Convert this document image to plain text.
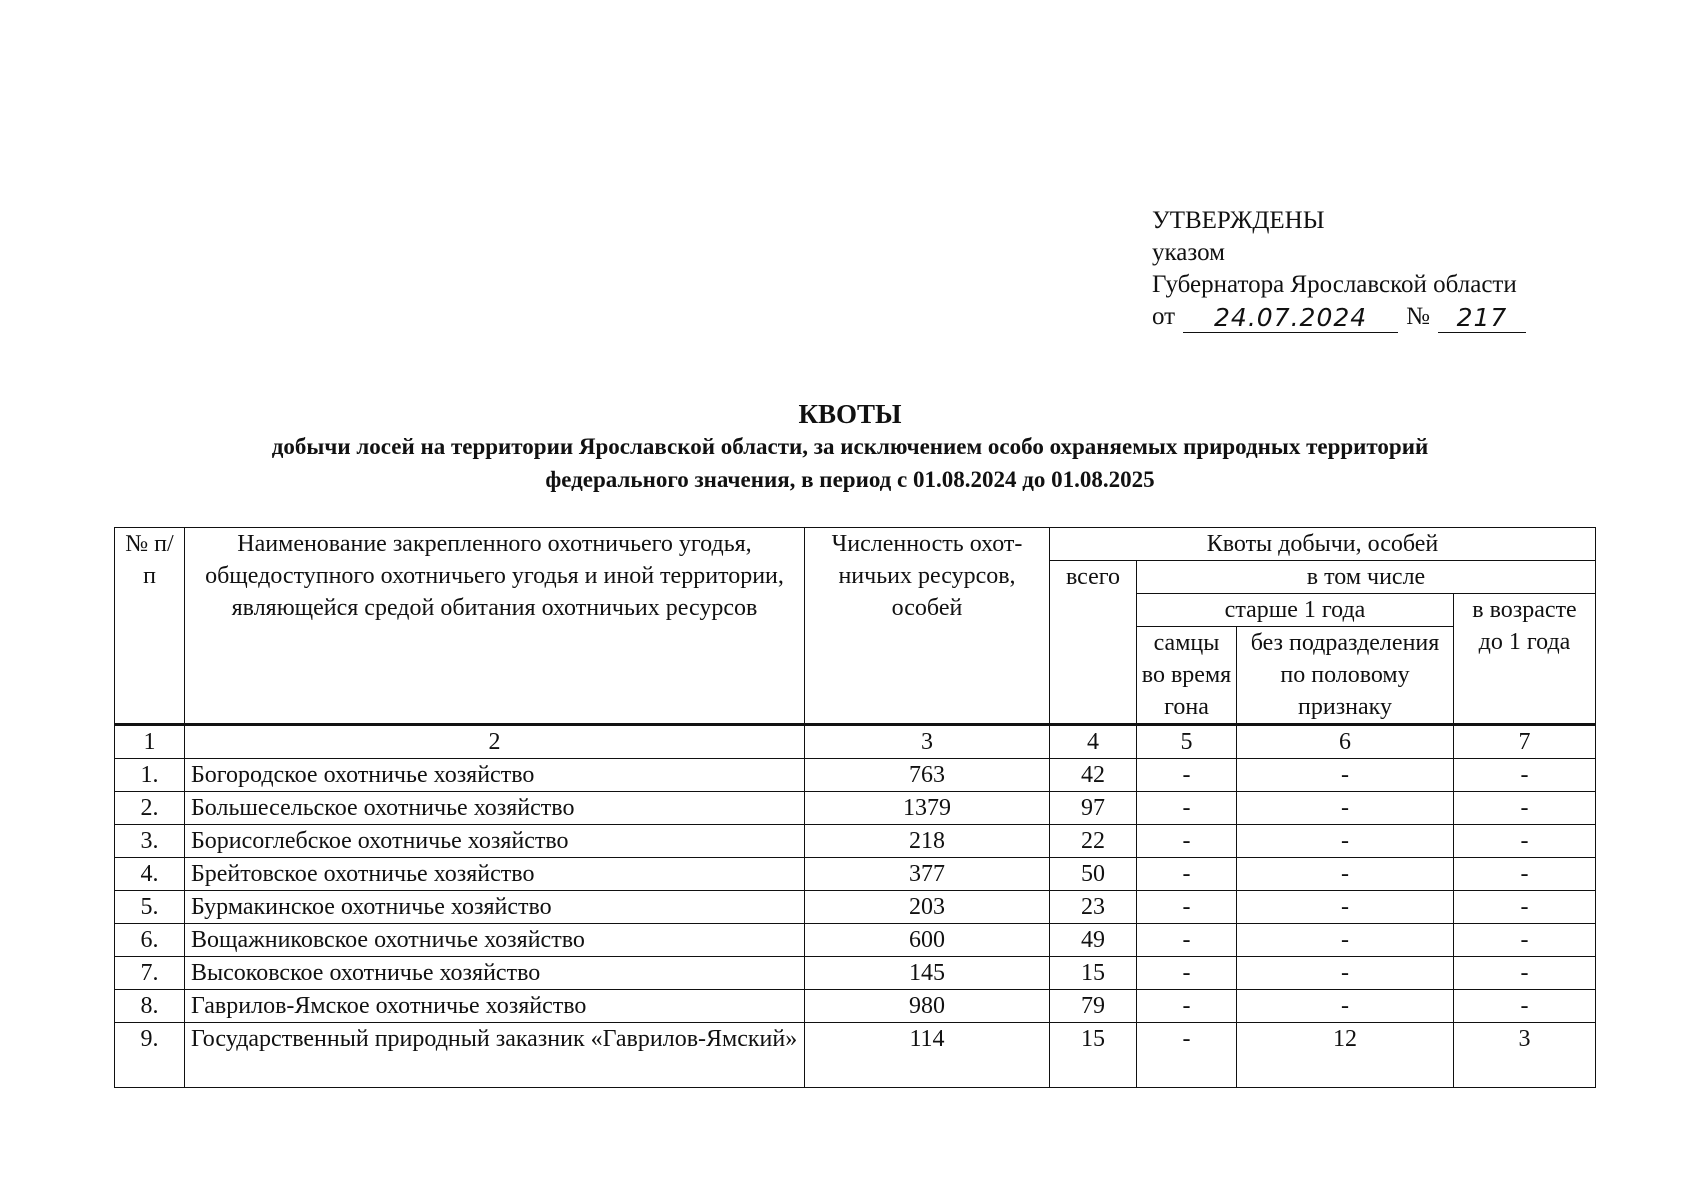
УТВЕРЖДЕНЫ
указом
Губернатора Ярославской области
от	24.07.2024	№	217
КВОТЫ
добычи лосей на территории Ярославской области, за исключением особо охраняемых природных территорий
федерального значения, в период с 01.08.2024 до 01.08.2025
№ п/п	Наименование закрепленного охотничьего угодья, общедоступного охотничьего угодья и иной территории, являющейся средой обитания охотничьих ресурсов	Численность охот-ничьих ресурсов, особей	Квоты добычи, особей			
			всего	в том числе		
				старше 1 года		в возрасте до 1 года
				самцы во время гона	без подразделения по половому признаку	
1	2	3	4	5	6	7
1.	Богородское охотничье хозяйство	763	42	-	-	-
2.	Большесельское охотничье хозяйство	1379	97	-	-	-
3.	Борисоглебское охотничье хозяйство	218	22	-	-	-
4.	Брейтовское охотничье хозяйство	377	50	-	-	-
5.	Бурмакинское охотничье хозяйство	203	23	-	-	-
6.	Вощажниковское охотничье хозяйство	600	49	-	-	-
7.	Высоковское охотничье хозяйство	145	15	-	-	-
8.	Гаврилов-Ямское охотничье хозяйство	980	79	-	-	-
9.	Государственный природный заказник «Гаврилов-Ямский»	114	15	-	12	3
